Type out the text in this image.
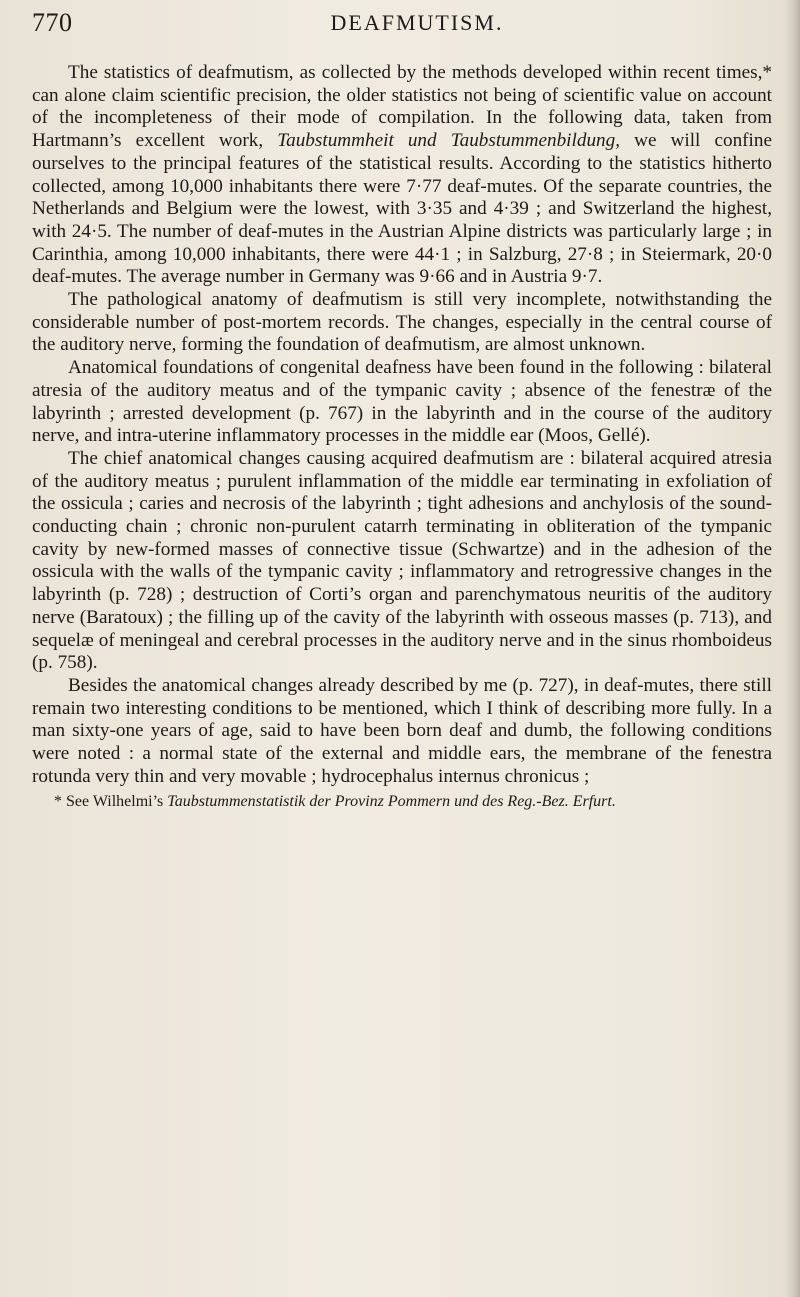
770	DEAFMUTISM.

The statistics of deafmutism, as collected by the methods developed within recent times,* can alone claim scientific precision, the older statistics not being of scientific value on account of the incompleteness of their mode of compilation. In the following data, taken from Hartmann’s excellent work, Taubstummheit und Taubstummenbildung, we will confine ourselves to the principal features of the statistical results. According to the statistics hitherto collected, among 10,000 inhabitants there were 7·77 deaf-mutes. Of the separate countries, the Netherlands and Belgium were the lowest, with 3·35 and 4·39 ; and Switzerland the highest, with 24·5. The number of deaf-mutes in the Austrian Alpine districts was particularly large ; in Carinthia, among 10,000 inhabitants, there were 44·1 ; in Salzburg, 27·8 ; in Steiermark, 20·0 deaf-mutes. The average number in Germany was 9·66 and in Austria 9·7.

The pathological anatomy of deafmutism is still very incomplete, notwithstanding the considerable number of post-mortem records. The changes, especially in the central course of the auditory nerve, forming the foundation of deafmutism, are almost unknown.

Anatomical foundations of congenital deafness have been found in the following : bilateral atresia of the auditory meatus and of the tympanic cavity ; absence of the fenestræ of the labyrinth ; arrested development (p. 767) in the labyrinth and in the course of the auditory nerve, and intra-uterine inflammatory processes in the middle ear (Moos, Gellé).

The chief anatomical changes causing acquired deafmutism are : bilateral acquired atresia of the auditory meatus ; purulent inflammation of the middle ear terminating in exfoliation of the ossicula ; caries and necrosis of the labyrinth ; tight adhesions and anchylosis of the sound-conducting chain ; chronic non-purulent catarrh terminating in obliteration of the tympanic cavity by new-formed masses of connective tissue (Schwartze) and in the adhesion of the ossicula with the walls of the tympanic cavity ; inflammatory and retrogressive changes in the labyrinth (p. 728) ; destruction of Corti’s organ and parenchymatous neuritis of the auditory nerve (Baratoux) ; the filling up of the cavity of the labyrinth with osseous masses (p. 713), and sequelæ of meningeal and cerebral processes in the auditory nerve and in the sinus rhomboideus (p. 758).

Besides the anatomical changes already described by me (p. 727), in deaf-mutes, there still remain two interesting conditions to be mentioned, which I think of describing more fully. In a man sixty-one years of age, said to have been born deaf and dumb, the following conditions were noted : a normal state of the external and middle ears, the membrane of the fenestra rotunda very thin and very movable ; hydrocephalus internus chronicus ;

* See Wilhelmi’s Taubstummenstatistik der Provinz Pommern und des Reg.-Bez. Erfurt.
